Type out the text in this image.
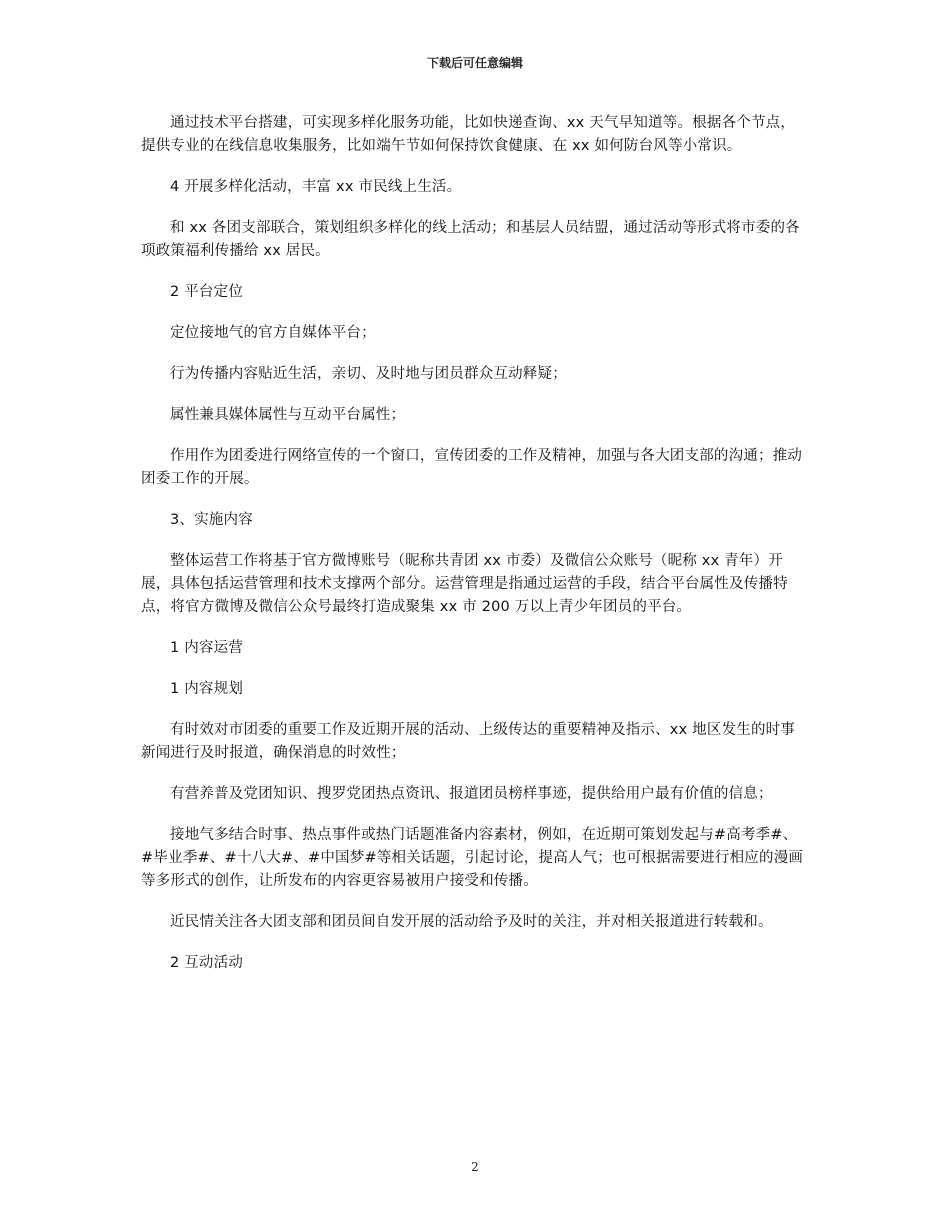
下载后可任意编辑

通过技术平台搭建，可实现多样化服务功能，比如快递查询、xx 天气早知道等。根据各个节点，提供专业的在线信息收集服务，比如端午节如何保持饮食健康、在 xx 如何防台风等小常识。

4 开展多样化活动，丰富 xx 市民线上生活。

和 xx 各团支部联合，策划组织多样化的线上活动；和基层人员结盟，通过活动等形式将市委的各项政策福利传播给 xx 居民。

2 平台定位

定位接地气的官方自媒体平台；

行为传播内容贴近生活，亲切、及时地与团员群众互动释疑；

属性兼具媒体属性与互动平台属性；

作用作为团委进行网络宣传的一个窗口，宣传团委的工作及精神，加强与各大团支部的沟通；推动团委工作的开展。

3、实施内容

整体运营工作将基于官方微博账号（昵称共青团 xx 市委）及微信公众账号（昵称 xx 青年）开展，具体包括运营管理和技术支撑两个部分。运营管理是指通过运营的手段，结合平台属性及传播特点，将官方微博及微信公众号最终打造成聚集 xx 市 200 万以上青少年团员的平台。

1 内容运营

1 内容规划

有时效对市团委的重要工作及近期开展的活动、上级传达的重要精神及指示、xx 地区发生的时事新闻进行及时报道，确保消息的时效性；

有营养普及党团知识、搜罗党团热点资讯、报道团员榜样事迹，提供给用户最有价值的信息；

接地气多结合时事、热点事件或热门话题准备内容素材，例如，在近期可策划发起与#高考季#、#毕业季#、#十八大#、#中国梦#等相关话题，引起讨论，提高人气；也可根据需要进行相应的漫画等多形式的创作，让所发布的内容更容易被用户接受和传播。

近民情关注各大团支部和团员间自发开展的活动给予及时的关注，并对相关报道进行转载和。

2 互动活动

2
